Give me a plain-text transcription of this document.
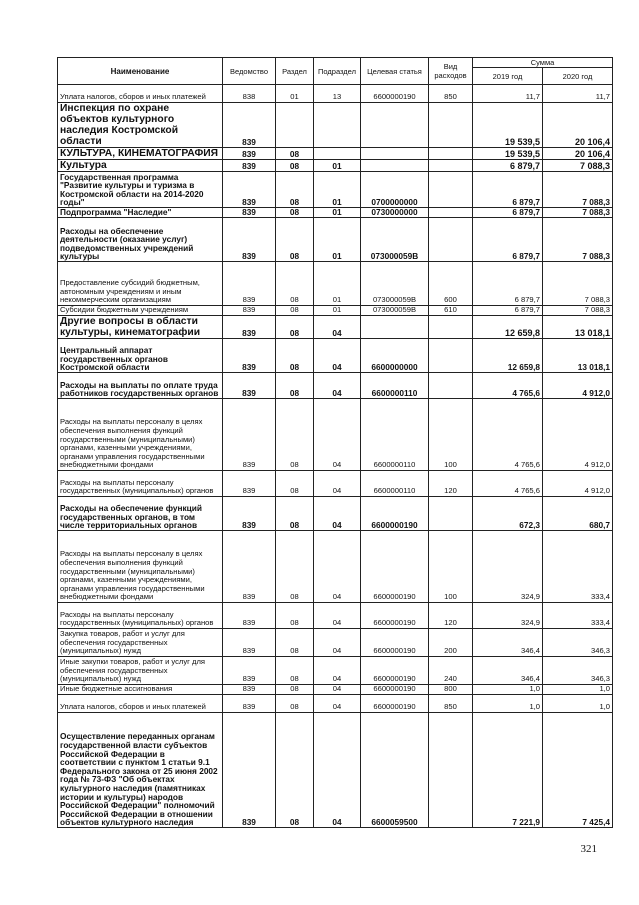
Наименование	Ведомство	Раздел	Подраздел	Целевая статья	Вид расходов	Сумма	
						2019 год	2020 год
Уплата налогов, сборов и иных платежей	838	01	13	6600000190	850	11,7	11,7
Инспекция по охране объектов культурного наследия Костромской области	839					19 539,5	20 106,4
КУЛЬТУРА, КИНЕМАТОГРАФИЯ	839	08				19 539,5	20 106,4
Культура	839	08	01			6 879,7	7 088,3
Государственная программа "Развитие культуры и туризма в Костромской области на 2014-2020 годы"	839	08	01	0700000000		6 879,7	7 088,3
Подпрограмма "Наследие"	839	08	01	0730000000		6 879,7	7 088,3
Расходы на обеспечение деятельности (оказание услуг) подведомственных учреждений культуры	839	08	01	073000059В		6 879,7	7 088,3
Предоставление субсидий бюджетным, автономным учреждениям и иным некоммерческим организациям	839	08	01	073000059В	600	6 879,7	7 088,3
Субсидии бюджетным учреждениям	839	08	01	073000059В	610	6 879,7	7 088,3
Другие вопросы в области культуры, кинематографии	839	08	04			12 659,8	13 018,1
Центральный аппарат государственных органов Костромской области	839	08	04	6600000000		12 659,8	13 018,1
Расходы на выплаты по оплате труда работников государственных органов	839	08	04	6600000110		4 765,6	4 912,0
Расходы на выплаты персоналу в целях обеспечения выполнения функций государственными (муниципальными) органами, казенными учреждениями, органами управления государственными внебюджетными фондами	839	08	04	6600000110	100	4 765,6	4 912,0
Расходы на выплаты персоналу государственных (муниципальных) органов	839	08	04	6600000110	120	4 765,6	4 912,0
Расходы на обеспечение функций государственных органов, в том числе территориальных органов	839	08	04	6600000190		672,3	680,7
Расходы на выплаты персоналу в целях обеспечения выполнения функций государственными (муниципальными) органами, казенными учреждениями, органами управления государственными внебюджетными фондами	839	08	04	6600000190	100	324,9	333,4
Расходы на выплаты персоналу государственных (муниципальных) органов	839	08	04	6600000190	120	324,9	333,4
Закупка товаров, работ и услуг для обеспечения государственных (муниципальных) нужд	839	08	04	6600000190	200	346,4	346,3
Иные закупки товаров, работ и услуг для обеспечения государственных (муниципальных) нужд	839	08	04	6600000190	240	346,4	346,3
Иные бюджетные ассигнования	839	08	04	6600000190	800	1,0	1,0
Уплата налогов, сборов и иных платежей	839	08	04	6600000190	850	1,0	1,0
Осуществление переданных органам государственной власти субъектов Российской Федерации в соответствии с пунктом 1 статьи 9.1 Федерального закона от 25 июня 2002 года № 73-ФЗ "Об объектах культурного наследия (памятниках истории и культуры) народов Российской Федерации" полномочий Российской Федерации в отношении объектов культурного наследия	839	08	04	6600059500		7 221,9	7 425,4
321
